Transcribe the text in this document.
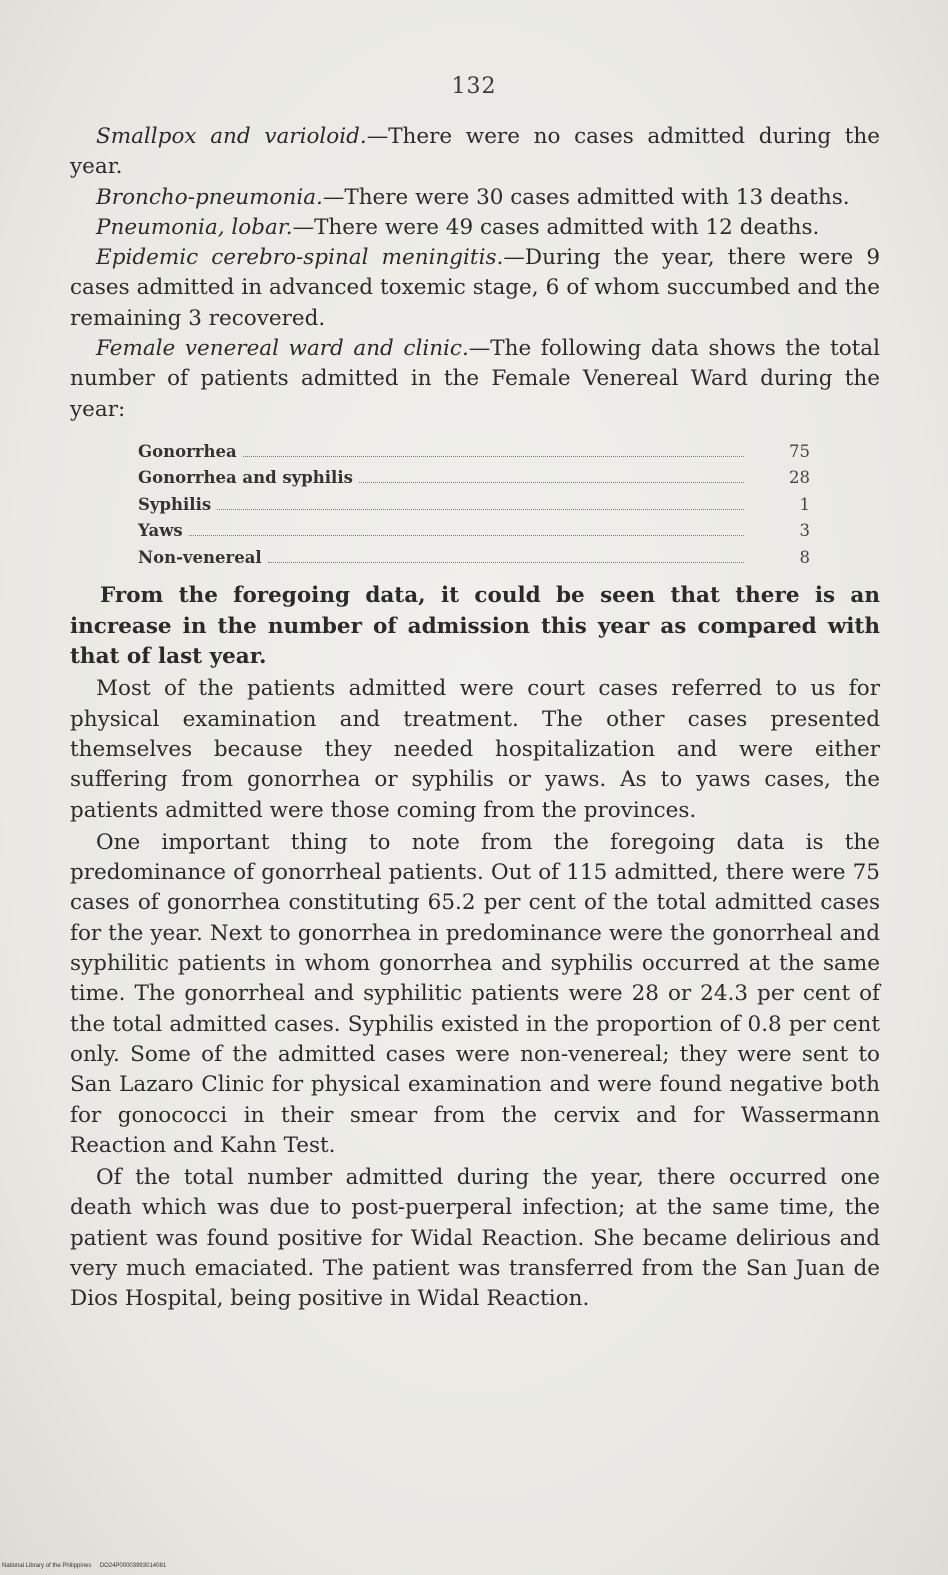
132

Smallpox and varioloid.—There were no cases admitted during the year.

Broncho-pneumonia.—There were 30 cases admitted with 13 deaths.

Pneumonia, lobar.—There were 49 cases admitted with 12 deaths.

Epidemic cerebro-spinal meningitis.—During the year, there were 9 cases admitted in advanced toxemic stage, 6 of whom succumbed and the remaining 3 recovered.

Female venereal ward and clinic.—The following data shows the total number of patients admitted in the Female Venereal Ward during the year:

Gonorrhea	75
Gonorrhea and syphilis	28
Syphilis	1
Yaws	3
Non-venereal	8

From the foregoing data, it could be seen that there is an increase in the number of admission this year as compared with that of last year.

Most of the patients admitted were court cases referred to us for physical examination and treatment. The other cases presented themselves because they needed hospitalization and were either suffering from gonorrhea or syphilis or yaws. As to yaws cases, the patients admitted were those coming from the provinces.

One important thing to note from the foregoing data is the predominance of gonorrheal patients. Out of 115 admitted, there were 75 cases of gonorrhea constituting 65.2 per cent of the total admitted cases for the year. Next to gonorrhea in predominance were the gonorrheal and syphilitic patients in whom gonorrhea and syphilis occurred at the same time. The gonorrheal and syphilitic patients were 28 or 24.3 per cent of the total admitted cases. Syphilis existed in the proportion of 0.8 per cent only. Some of the admitted cases were non-venereal; they were sent to San Lazaro Clinic for physical examination and were found negative both for gonococci in their smear from the cervix and for Wassermann Reaction and Kahn Test.

Of the total number admitted during the year, there occurred one death which was due to post-puerperal infection; at the same time, the patient was found positive for Widal Reaction. She became delirious and very much emaciated. The patient was transferred from the San Juan de Dios Hospital, being positive in Widal Reaction.

National Library of the Philippines DO24P00003993014081
